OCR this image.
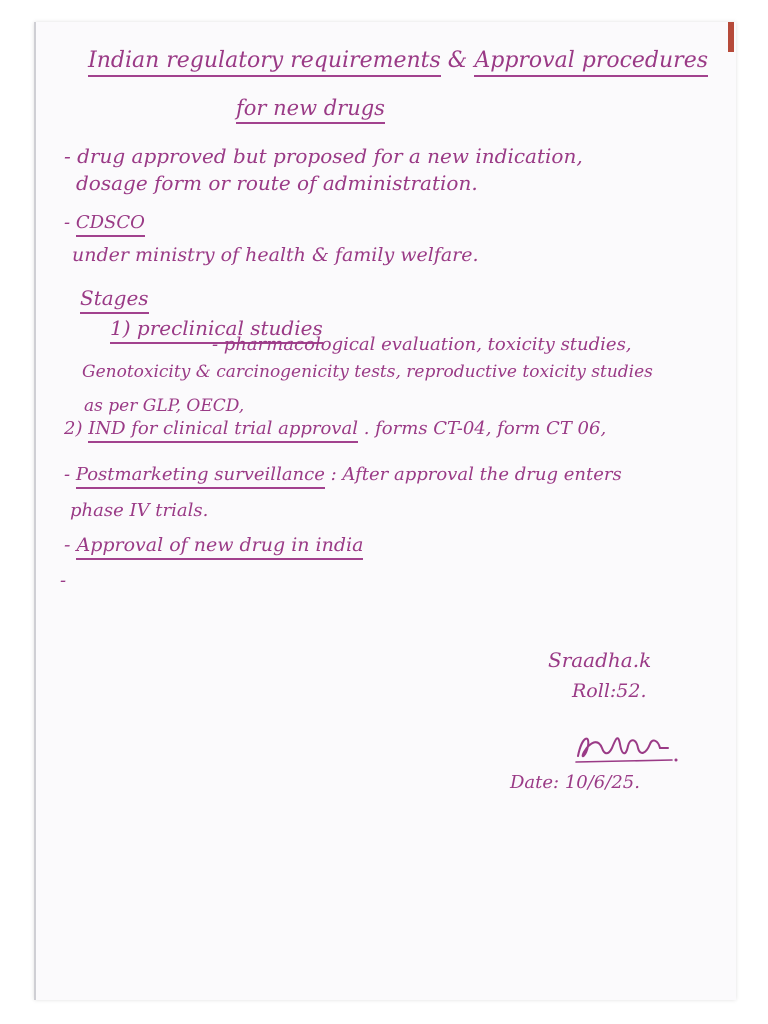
Indian regulatory requirements & Approval procedures
for new drugs
- drug approved but proposed for a new indication,
dosage form or route of administration.
- CDSCO
under ministry of health & family welfare.
Stages
1) preclinical studies
- pharmacological evaluation, toxicity studies,
Genotoxicity & carcinogenicity tests, reproductive toxicity studies
as per GLP, OECD,
2) IND for clinical trial approval . forms CT-04, form CT 06,
- Postmarketing surveillance : After approval the drug enters
phase IV trials.
- Approval of new drug in india
-
Sraadha.k
Roll:52.
Date: 10/6/25.
